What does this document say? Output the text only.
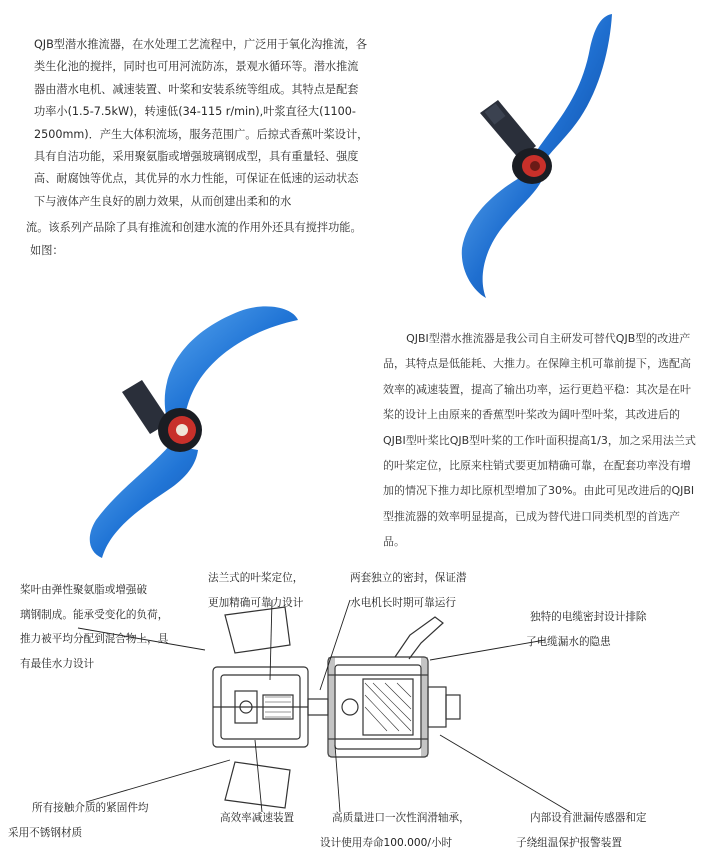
QJB型潜水推流器，在水处理工艺流程中，广泛用于氧化沟推流，各类生化池的搅拌，同时也可用河流防冻，景观水循环等。潜水推流器由潜水电机、减速装置、叶桨和安装系统等组成。其特点是配套功率小(1.5-7.5kW)，转速低(34-115 r/min),叶浆直径大(1100-2500mm)．产生大体积流场，服务范围广。后掠式香蕉叶桨设计，具有自洁功能，采用聚氨脂或增强玻璃钢成型，具有重量轻、强度高、耐腐蚀等优点，其优异的水力性能，可保证在低速的运动状态下与液体产生良好的剧力效果，从而创建出柔和的水

流。该系列产品除了具有推流和创建水流的作用外还具有搅拌功能。

如图：

QJBI型潜水推流器是我公司自主研发可替代QJB型的改进产品，其特点是低能耗、大推力。在保障主机可靠前提下，选配高效率的减速装置，提高了输出功率，运行更趋平稳：其次是在叶桨的设计上由原来的香蕉型叶桨改为阔叶型叶桨，其改进后的QJBI型叶桨比QJB型叶桨的工作叶面积提高1/3，加之采用法兰式的叶桨定位，比原来柱销式要更加精确可靠，在配套功率没有增加的情况下推力却比原机型增加了30%。由此可见改进后的QJBI型推流器的效率明显提高，已成为替代进口同类机型的首选产品。

桨叶由弹性聚氨脂或增强破
璃钢制成。能承受变化的负荷，
推力被平均分配到混合物上，具
有最佳水力设计
法兰式的叶桨定位，
更加精确可靠力设计
两套独立的密封，保证潜
水电机长时期可靠运行
独特的电缆密封设计排除
了电缆漏水的隐患
所有接触介质的紧固件均
采用不锈钢材质
高效率减速装置	高质量进口一次性润滑轴承，
设计使用寿命100.000/小时
内部设有泄漏传感器和定
子绕组温保护报警装置
